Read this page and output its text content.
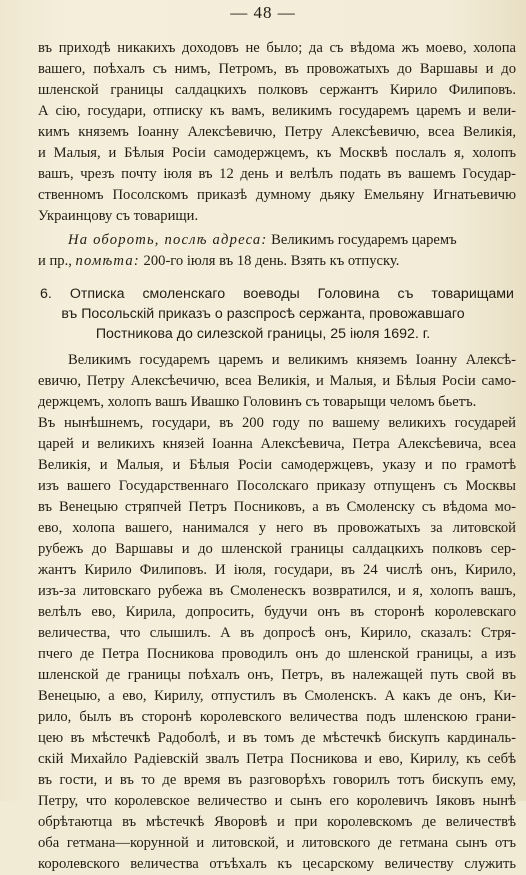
— 48 —
въ приходѣ никакихъ доходовъ не было; да съ вѣдома жъ моево, холопа
вашего, поѣхалъ съ нимъ, Петромъ, въ провожатыхъ до Варшавы и до
шленской границы салдацкихъ полковъ сержантъ Кирило Филиповъ.
А сію, государи, отписку къ вамъ, великимъ государемъ царемъ и вели-
кимъ княземъ Іоанну Алексѣевичю, Петру Алексѣевичю, всеа Великія,
и Малыя, и Бѣлыя Росіи самодержцемъ, къ Москвѣ послалъ я, холопъ
вашъ, чрезъ почту іюля въ 12 день и велѣлъ подать въ вашемъ Государ-
ственномъ Посолскомъ приказѣ думному дьяку Емельяну Игнатьевичю
Украинцову съ товарищи.
На обороть, послѣ адреса: Великимъ государемъ царемъ
и пр., помѣта: 200-го іюля въ 18 день. Взять къ отпуску.
6. Отписка смоленскаго воеводы Головина съ товарищами
въ Посольскій приказъ о разспросѣ сержанта, провожавшаго
Постникова до силезской границы, 25 іюля 1692. г.
Великимъ государемъ царемъ и великимъ княземъ Іоанну Алексѣ-
евичю, Петру Алексѣечичю, всеа Великія, и Малыя, и Бѣлыя Росіи само-
держцемъ, холопъ вашъ Ивашко Головинъ съ товарыщи челомъ бьетъ.
Въ нынѣшнемъ, государи, въ 200 году по вашему великихъ государей
царей и великихъ князей Іоанна Алексѣевича, Петра Алексѣевича, всеа
Великія, и Малыя, и Бѣлыя Росіи самодержцевъ, указу и по грамотѣ
изъ вашего Государственнаго Посолскаго приказу отпущенъ съ Москвы
въ Венецыю стряпчей Петръ Посниковъ, а въ Смоленску съ вѣдома мо-
ево, холопа вашего, нанимался у него въ провожатыхъ за литовской
рубежъ до Варшавы и до шленской границы салдацкихъ полковъ сер-
жантъ Кирило Филиповъ. И іюля, государи, въ 24 числѣ онъ, Кирило,
изъ-за литовскаго рубежа въ Смоленескъ возвратился, и я, холопъ вашъ,
велѣлъ ево, Кирила, допросить, будучи онъ въ сторонѣ королевскаго
величества, что слышилъ. А въ допросѣ онъ, Кирило, сказалъ: Стря-
пчего де Петра Посникова проводилъ онъ до шленской границы, а изъ
шленской де границы поѣхалъ онъ, Петръ, въ належащей путь свой въ
Венецыю, а ево, Кирилу, отпустилъ въ Смоленскъ. А какъ де онъ, Ки-
рило, былъ въ сторонѣ королевского величества подъ шленскою грани-
цею въ мѣстечкѣ Радоболѣ, и въ томъ де мѣстечкѣ бискупъ кардиналь-
скій Михайло Радіевскій звалъ Петра Посникова и ево, Кирилу, къ себѣ
въ гости, и въ то де время въ разговорѣхъ говорилъ тотъ бискупъ ему,
Петру, что королевское величество и сынъ его королевичъ Іяковъ нынѣ
обрѣтаютца въ мѣстечкѣ Яворовѣ и при королевскомъ де величествѣ
оба гетмана—корунной и литовской, и литовского де гетмана сынъ отъ
королевского величества отъѣхалъ къ цесарскому величеству служить
